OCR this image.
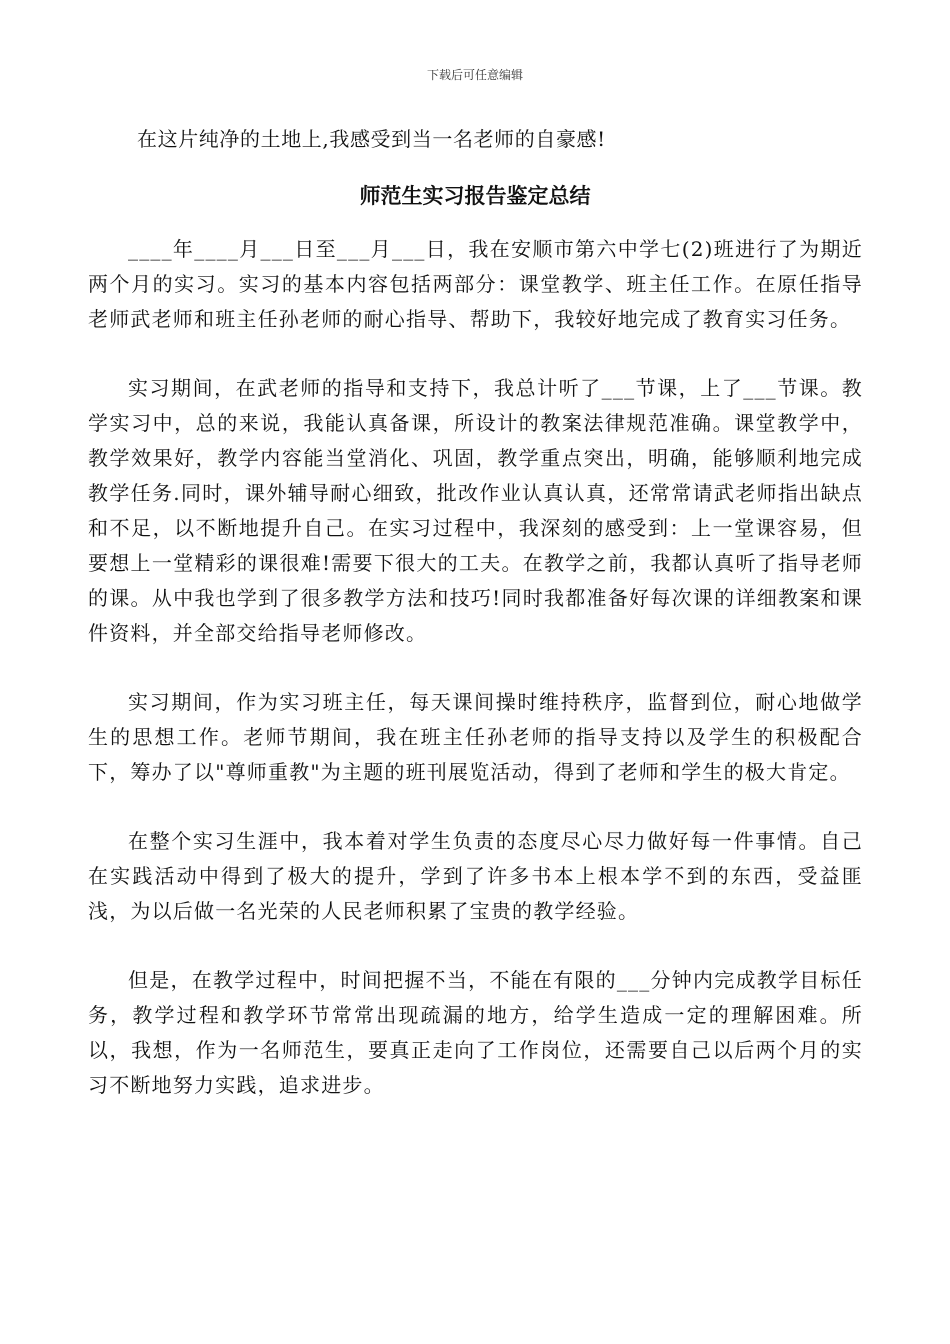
下载后可任意编辑
在这片纯净的土地上,我感受到当一名老师的自豪感!
师范生实习报告鉴定总结

____年____月___日至___月___日，我在安顺市第六中学七(2)班进行了为期近两个月的实习。实习的基本内容包括两部分：课堂教学、班主任工作。在原任指导老师武老师和班主任孙老师的耐心指导、帮助下，我较好地完成了教育实习任务。

实习期间，在武老师的指导和支持下，我总计听了___节课，上了___节课。教学实习中，总的来说，我能认真备课，所设计的教案法律规范准确。课堂教学中，教学效果好，教学内容能当堂消化、巩固，教学重点突出，明确，能够顺利地完成教学任务.同时，课外辅导耐心细致，批改作业认真认真，还常常请武老师指出缺点和不足，以不断地提升自己。在实习过程中，我深刻的感受到：上一堂课容易，但要想上一堂精彩的课很难!需要下很大的工夫。在教学之前，我都认真听了指导老师的课。从中我也学到了很多教学方法和技巧!同时我都准备好每次课的详细教案和课件资料，并全部交给指导老师修改。

实习期间，作为实习班主任，每天课间操时维持秩序，监督到位，耐心地做学生的思想工作。老师节期间，我在班主任孙老师的指导支持以及学生的积极配合下，筹办了以"尊师重教"为主题的班刊展览活动，得到了老师和学生的极大肯定。

在整个实习生涯中，我本着对学生负责的态度尽心尽力做好每一件事情。自己在实践活动中得到了极大的提升，学到了许多书本上根本学不到的东西，受益匪浅，为以后做一名光荣的人民老师积累了宝贵的教学经验。

但是，在教学过程中，时间把握不当，不能在有限的___分钟内完成教学目标任务，教学过程和教学环节常常出现疏漏的地方，给学生造成一定的理解困难。所以，我想，作为一名师范生，要真正走向了工作岗位，还需要自己以后两个月的实习不断地努力实践，追求进步。
